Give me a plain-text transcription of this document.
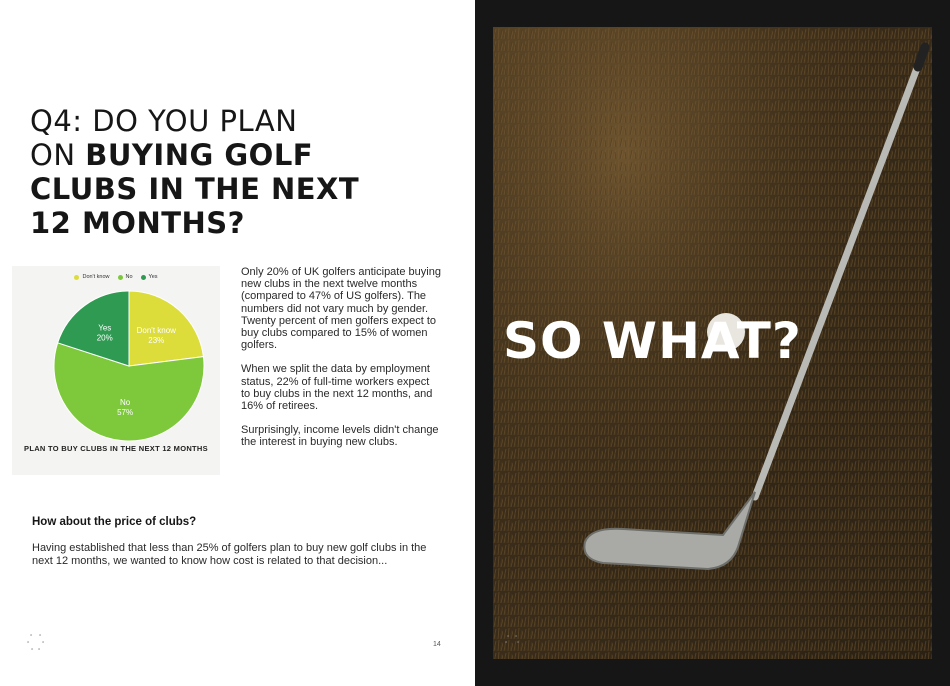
Q4: DO YOU PLAN
ON BUYING GOLF
CLUBS IN THE NEXT
12 MONTHS?
Don't know	No	Yes
Don't know
23%
No
57%
Yes
20%
PLAN TO BUY CLUBS IN THE NEXT 12 MONTHS

Only 20% of UK golfers anticipate buying new clubs in the next twelve months (compared to 47% of US golfers). The numbers did not vary much by gender. Twenty percent of men golfers expect to buy clubs compared to 15% of women golfers.

When we split the data by employment status, 22% of full-time workers expect to buy clubs in the next 12 months, and 16% of retirees.

Surprisingly, income levels didn't change the interest in buying new clubs.

How about the price of clubs?
Having established that less than 25% of golfers plan to buy new golf clubs in the next 12 months, we wanted to know how cost is related to that decision...
o o
o	o
o o
14
SO WHAT?
o o
o o
